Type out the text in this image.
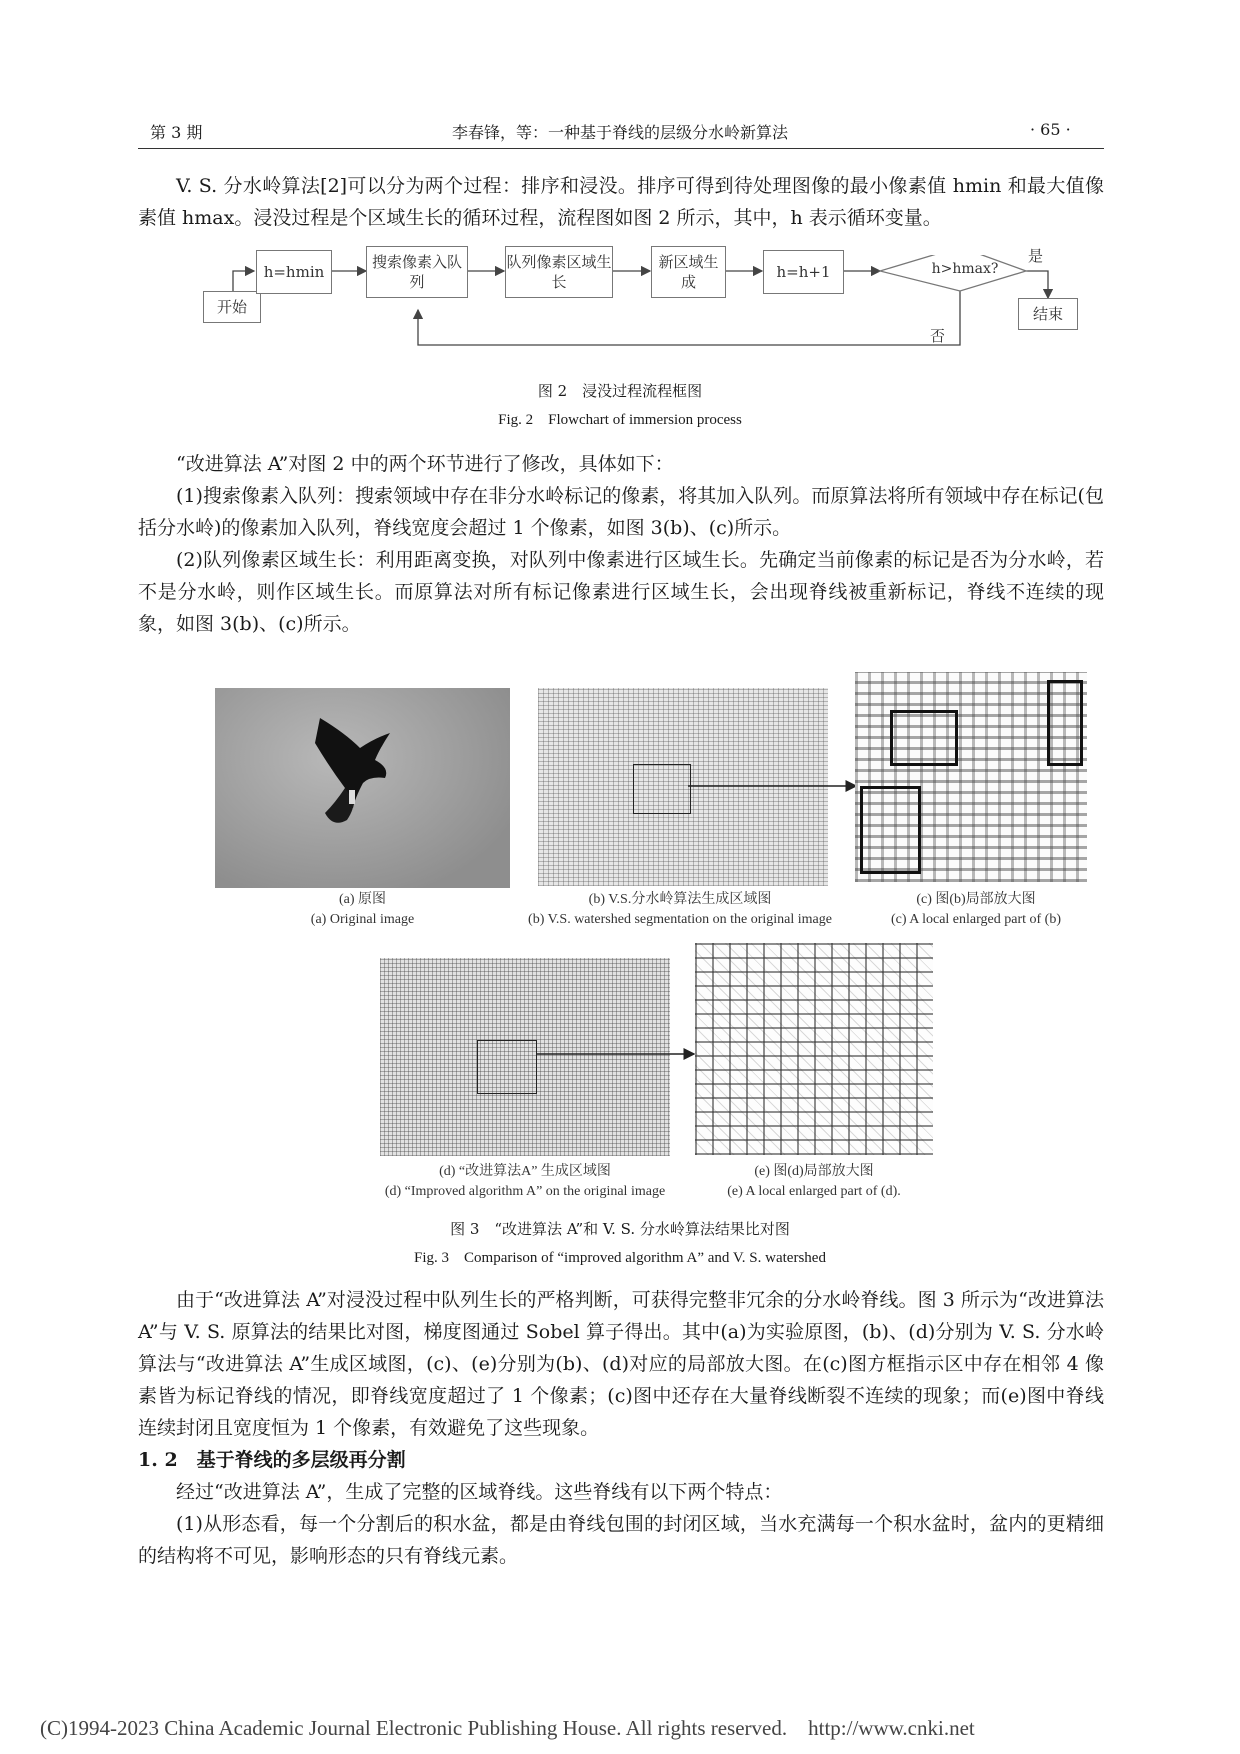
第 3 期	李春锋，等：一种基于脊线的层级分水岭新算法	· 65 ·
V. S. 分水岭算法[2]可以分为两个过程：排序和浸没。排序可得到待处理图像的最小像素值 hmin 和最大值像素值 hmax。浸没过程是个区域生长的循环过程，流程图如图 2 所示，其中，h 表示循环变量。
开始
h=hmin
搜索像素入队列
队列像素区域生长
新区域生成
h=h+1	h>hmax?
是
否
结束
图 2　浸没过程流程框图
Fig. 2　Flowchart of immersion process
“改进算法 A”对图 2 中的两个环节进行了修改，具体如下：
(1)搜索像素入队列：搜索领域中存在非分水岭标记的像素，将其加入队列。而原算法将所有领域中存在标记(包括分水岭)的像素加入队列，脊线宽度会超过 1 个像素，如图 3(b)、(c)所示。
(2)队列像素区域生长：利用距离变换，对队列中像素进行区域生长。先确定当前像素的标记是否为分水岭，若不是分水岭，则作区域生长。而原算法对所有标记像素进行区域生长，会出现脊线被重新标记，脊线不连续的现象，如图 3(b)、(c)所示。
(a) 原图
(a) Original image
(b) V.S.分水岭算法生成区域图
(b) V.S. watershed segmentation on the original image
(c) 图(b)局部放大图
(c) A local enlarged part of (b)
(d) “改进算法A” 生成区域图
(d) “Improved algorithm A” on the original image
(e) 图(d)局部放大图
(e) A local enlarged part of (d).
图 3　“改进算法 A”和 V. S. 分水岭算法结果比对图
Fig. 3　Comparison of “improved algorithm A” and V. S. watershed
由于“改进算法 A”对浸没过程中队列生长的严格判断，可获得完整非冗余的分水岭脊线。图 3 所示为“改进算法 A”与 V. S. 原算法的结果比对图，梯度图通过 Sobel 算子得出。其中(a)为实验原图，(b)、(d)分别为 V. S. 分水岭算法与“改进算法 A”生成区域图，(c)、(e)分别为(b)、(d)对应的局部放大图。在(c)图方框指示区中存在相邻 4 像素皆为标记脊线的情况，即脊线宽度超过了 1 个像素；(c)图中还存在大量脊线断裂不连续的现象；而(e)图中脊线连续封闭且宽度恒为 1 个像素，有效避免了这些现象。
1. 2　基于脊线的多层级再分割
经过“改进算法 A”，生成了完整的区域脊线。这些脊线有以下两个特点：
(1)从形态看，每一个分割后的积水盆，都是由脊线包围的封闭区域，当水充满每一个积水盆时，盆内的更精细的结构将不可见，影响形态的只有脊线元素。
(C)1994-2023 China Academic Journal Electronic Publishing House. All rights reserved.　http://www.cnki.net
